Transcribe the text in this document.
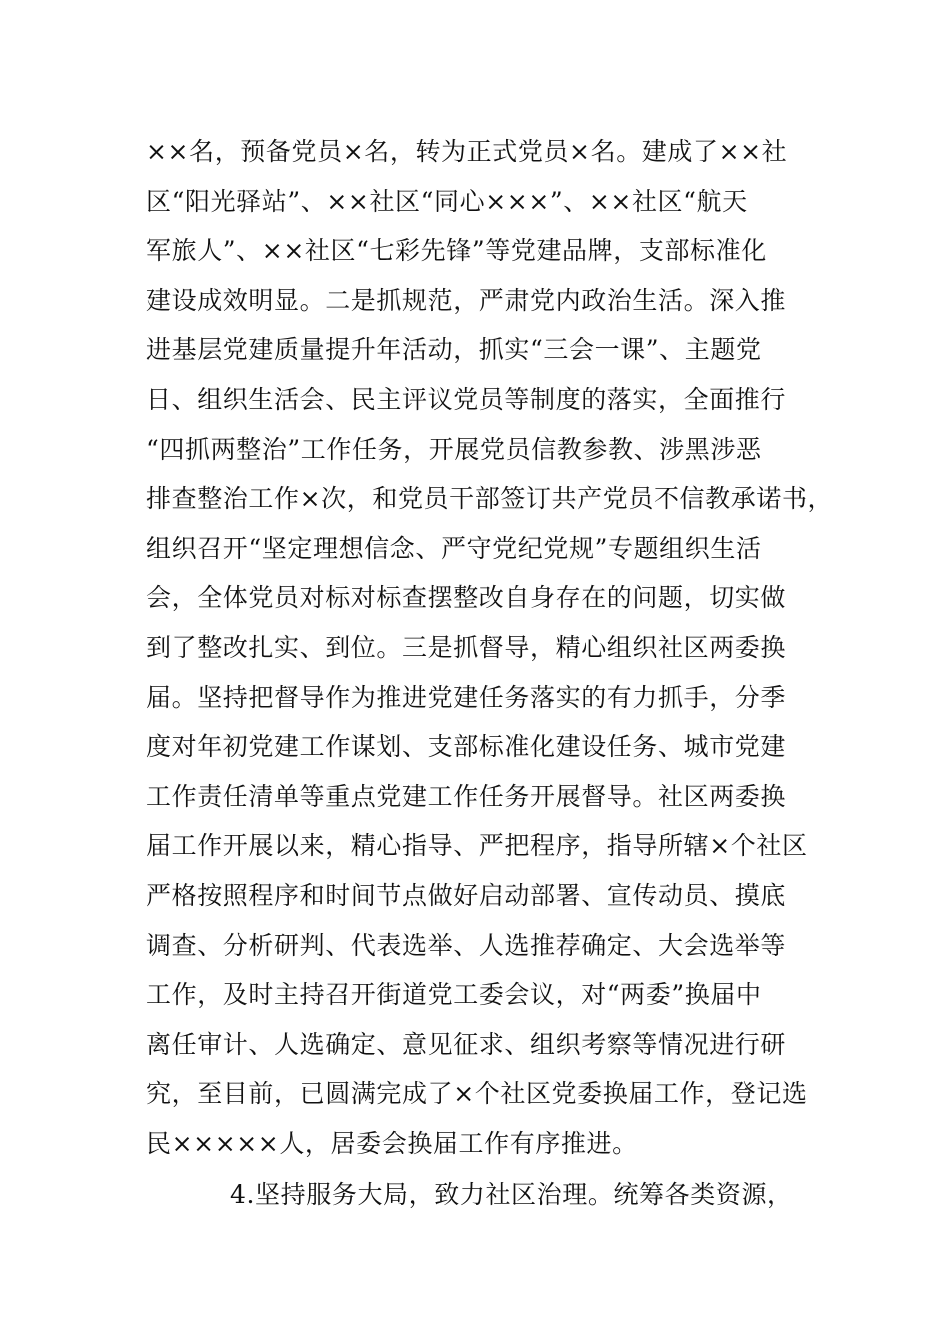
××名，预备党员×名，转为正式党员×名。建成了××社
区“阳光驿站”、××社区“同心×××”、××社区“航天
军旅人”、××社区“七彩先锋”等党建品牌，支部标准化
建设成效明显。二是抓规范，严肃党内政治生活。深入推
进基层党建质量提升年活动，抓实“三会一课”、主题党
日、组织生活会、民主评议党员等制度的落实，全面推行
“四抓两整治”工作任务，开展党员信教参教、涉黑涉恶
排查整治工作×次，和党员干部签订共产党员不信教承诺书，
组织召开“坚定理想信念、严守党纪党规”专题组织生活
会，全体党员对标对标查摆整改自身存在的问题，切实做
到了整改扎实、到位。三是抓督导，精心组织社区两委换
届。坚持把督导作为推进党建任务落实的有力抓手，分季
度对年初党建工作谋划、支部标准化建设任务、城市党建
工作责任清单等重点党建工作任务开展督导。社区两委换
届工作开展以来，精心指导、严把程序，指导所辖×个社区
严格按照程序和时间节点做好启动部署、宣传动员、摸底
调查、分析研判、代表选举、人选推荐确定、大会选举等
工作，及时主持召开街道党工委会议，对“两委”换届中
离任审计、人选确定、意见征求、组织考察等情况进行研
究，至目前，已圆满完成了×个社区党委换届工作，登记选
民×××××人，居委会换届工作有序推进。
4.坚持服务大局，致力社区治理。统筹各类资源，
